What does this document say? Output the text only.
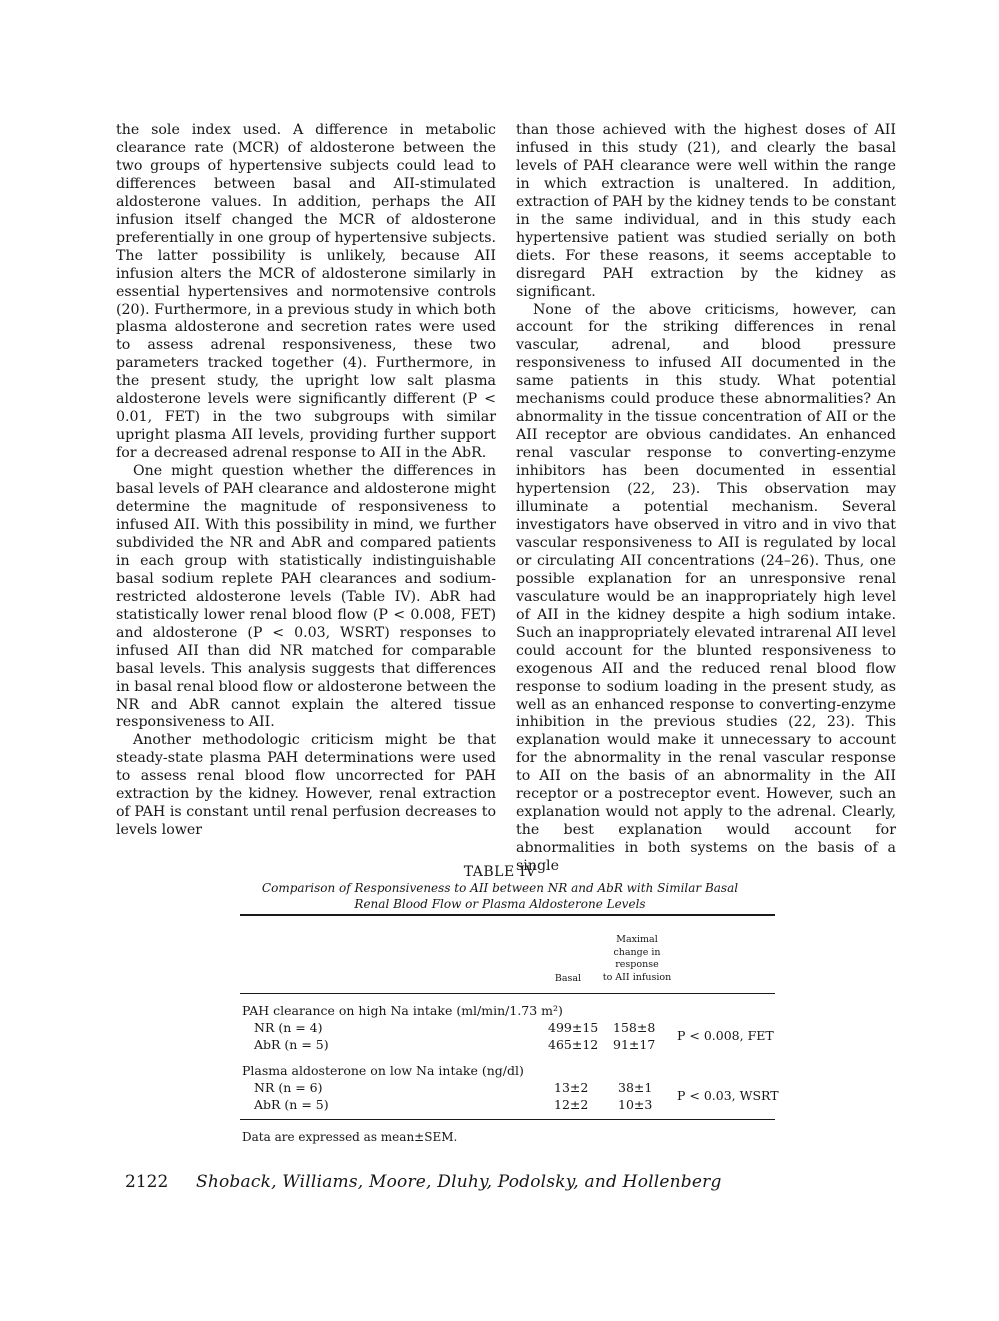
the sole index used. A difference in metabolic clearance rate (MCR) of aldosterone between the two groups of hypertensive subjects could lead to differences between basal and AII-stimulated aldosterone values. In addition, perhaps the AII infusion itself changed the MCR of aldosterone preferentially in one group of hypertensive subjects. The latter possibility is unlikely, because AII infusion alters the MCR of aldosterone similarly in essential hypertensives and normotensive controls (20). Furthermore, in a previous study in which both plasma aldosterone and secretion rates were used to assess adrenal responsiveness, these two parameters tracked together (4). Furthermore, in the present study, the upright low salt plasma aldosterone levels were significantly different (P < 0.01, FET) in the two subgroups with similar upright plasma AII levels, providing further support for a decreased adrenal response to AII in the AbR.

One might question whether the differences in basal levels of PAH clearance and aldosterone might determine the magnitude of responsiveness to infused AII. With this possibility in mind, we further subdivided the NR and AbR and compared patients in each group with statistically indistinguishable basal sodium replete PAH clearances and sodium-restricted aldosterone levels (Table IV). AbR had statistically lower renal blood flow (P < 0.008, FET) and aldosterone (P < 0.03, WSRT) responses to infused AII than did NR matched for comparable basal levels. This analysis suggests that differences in basal renal blood flow or aldosterone between the NR and AbR cannot explain the altered tissue responsiveness to AII.

Another methodologic criticism might be that steady-state plasma PAH determinations were used to assess renal blood flow uncorrected for PAH extraction by the kidney. However, renal extraction of PAH is constant until renal perfusion decreases to levels lower

than those achieved with the highest doses of AII infused in this study (21), and clearly the basal levels of PAH clearance were well within the range in which extraction is unaltered. In addition, extraction of PAH by the kidney tends to be constant in the same individual, and in this study each hypertensive patient was studied serially on both diets. For these reasons, it seems acceptable to disregard PAH extraction by the kidney as significant.

None of the above criticisms, however, can account for the striking differences in renal vascular, adrenal, and blood pressure responsiveness to infused AII documented in the same patients in this study. What potential mechanisms could produce these abnormalities? An abnormality in the tissue concentration of AII or the AII receptor are obvious candidates. An enhanced renal vascular response to converting-enzyme inhibitors has been documented in essential hypertension (22, 23). This observation may illuminate a potential mechanism. Several investigators have observed in vitro and in vivo that vascular responsiveness to AII is regulated by local or circulating AII concentrations (24–26). Thus, one possible explanation for an unresponsive renal vasculature would be an inappropriately high level of AII in the kidney despite a high sodium intake. Such an inappropriately elevated intrarenal AII level could account for the blunted responsiveness to exogenous AII and the reduced renal blood flow response to sodium loading in the present study, as well as an enhanced response to converting-enzyme inhibition in the previous studies (22, 23). This explanation would make it unnecessary to account for the abnormality in the renal vascular response to AII on the basis of an abnormality in the AII receptor or a postreceptor event. However, such an explanation would not apply to the adrenal. Clearly, the best explanation would account for abnormalities in both systems on the basis of a single

TABLE IV
Comparison of Responsiveness to AII between NR and AbR with Similar Basal
Renal Blood Flow or Plasma Aldosterone Levels
Basal
Maximal
change in
response
to AII infusion
PAH clearance on high Na intake (ml/min/1.73 m²)
NR (n = 4)	499±15 158±8
AbR (n = 5)	465±12 91±17
P < 0.008, FET
Plasma aldosterone on low Na intake (ng/dl)
NR (n = 6)	13±2 38±1
AbR (n = 5)	12±2 10±3
P < 0.03, WSRT
Data are expressed as mean±SEM.
2122 Shoback, Williams, Moore, Dluhy, Podolsky, and Hollenberg
